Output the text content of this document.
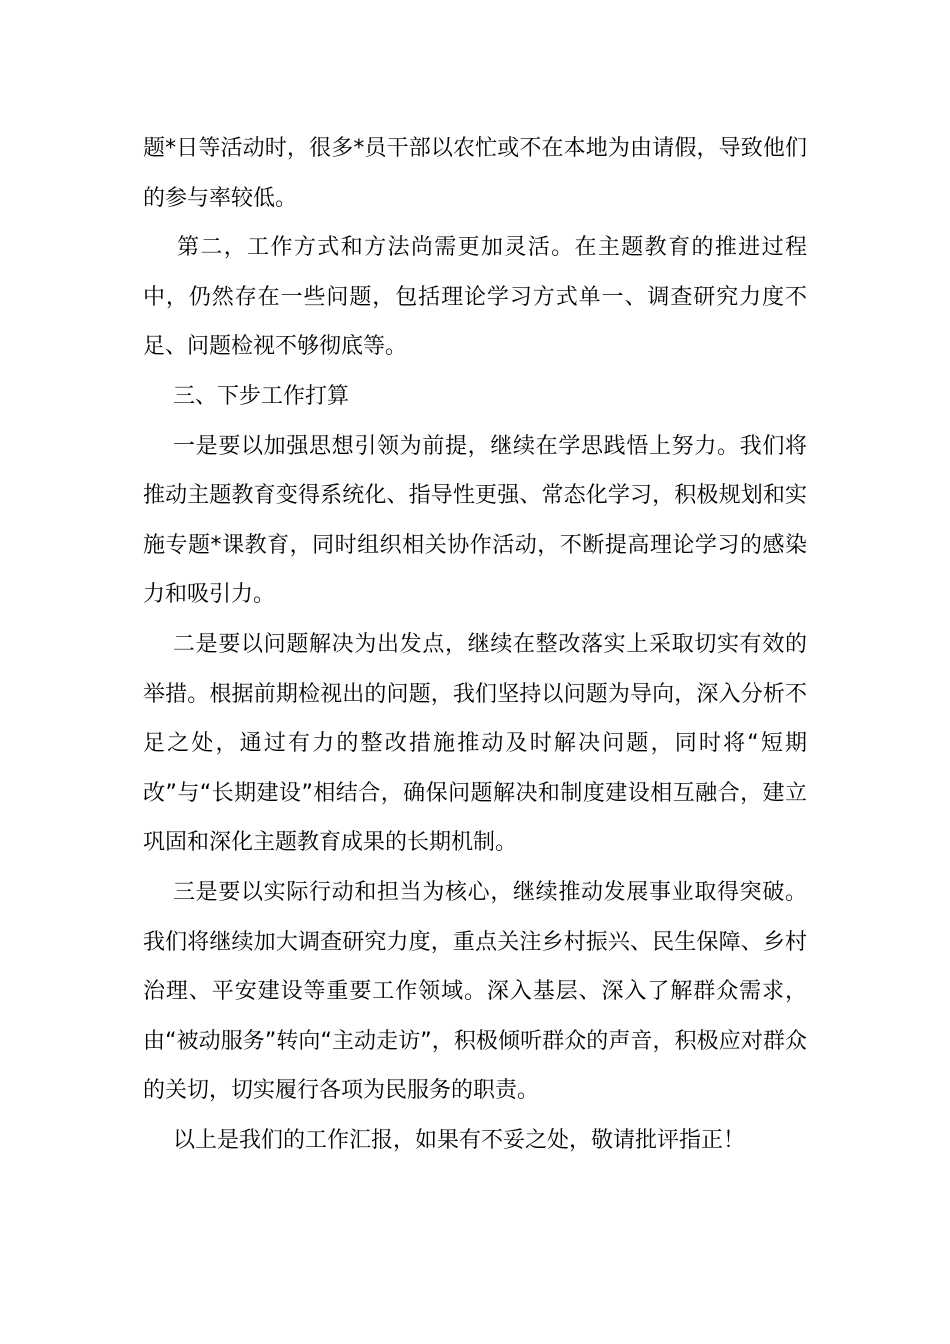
题*日等活动时，很多*员干部以农忙或不在本地为由请假，导致他们的参与率较低。

第二，工作方式和方法尚需更加灵活。在主题教育的推进过程中，仍然存在一些问题，包括理论学习方式单一、调查研究力度不足、问题检视不够彻底等。

三、下步工作打算

一是要以加强思想引领为前提，继续在学思践悟上努力。我们将推动主题教育变得系统化、指导性更强、常态化学习，积极规划和实施专题*课教育，同时组织相关协作活动，不断提高理论学习的感染力和吸引力。

二是要以问题解决为出发点，继续在整改落实上采取切实有效的举措。根据前期检视出的问题，我们坚持以问题为导向，深入分析不足之处，通过有力的整改措施推动及时解决问题，同时将“短期改”与“长期建设”相结合，确保问题解决和制度建设相互融合，建立巩固和深化主题教育成果的长期机制。

三是要以实际行动和担当为核心，继续推动发展事业取得突破。我们将继续加大调查研究力度，重点关注乡村振兴、民生保障、乡村治理、平安建设等重要工作领域。深入基层、深入了解群众需求，由“被动服务”转向“主动走访”，积极倾听群众的声音，积极应对群众的关切，切实履行各项为民服务的职责。

以上是我们的工作汇报，如果有不妥之处，敬请批评指正！
